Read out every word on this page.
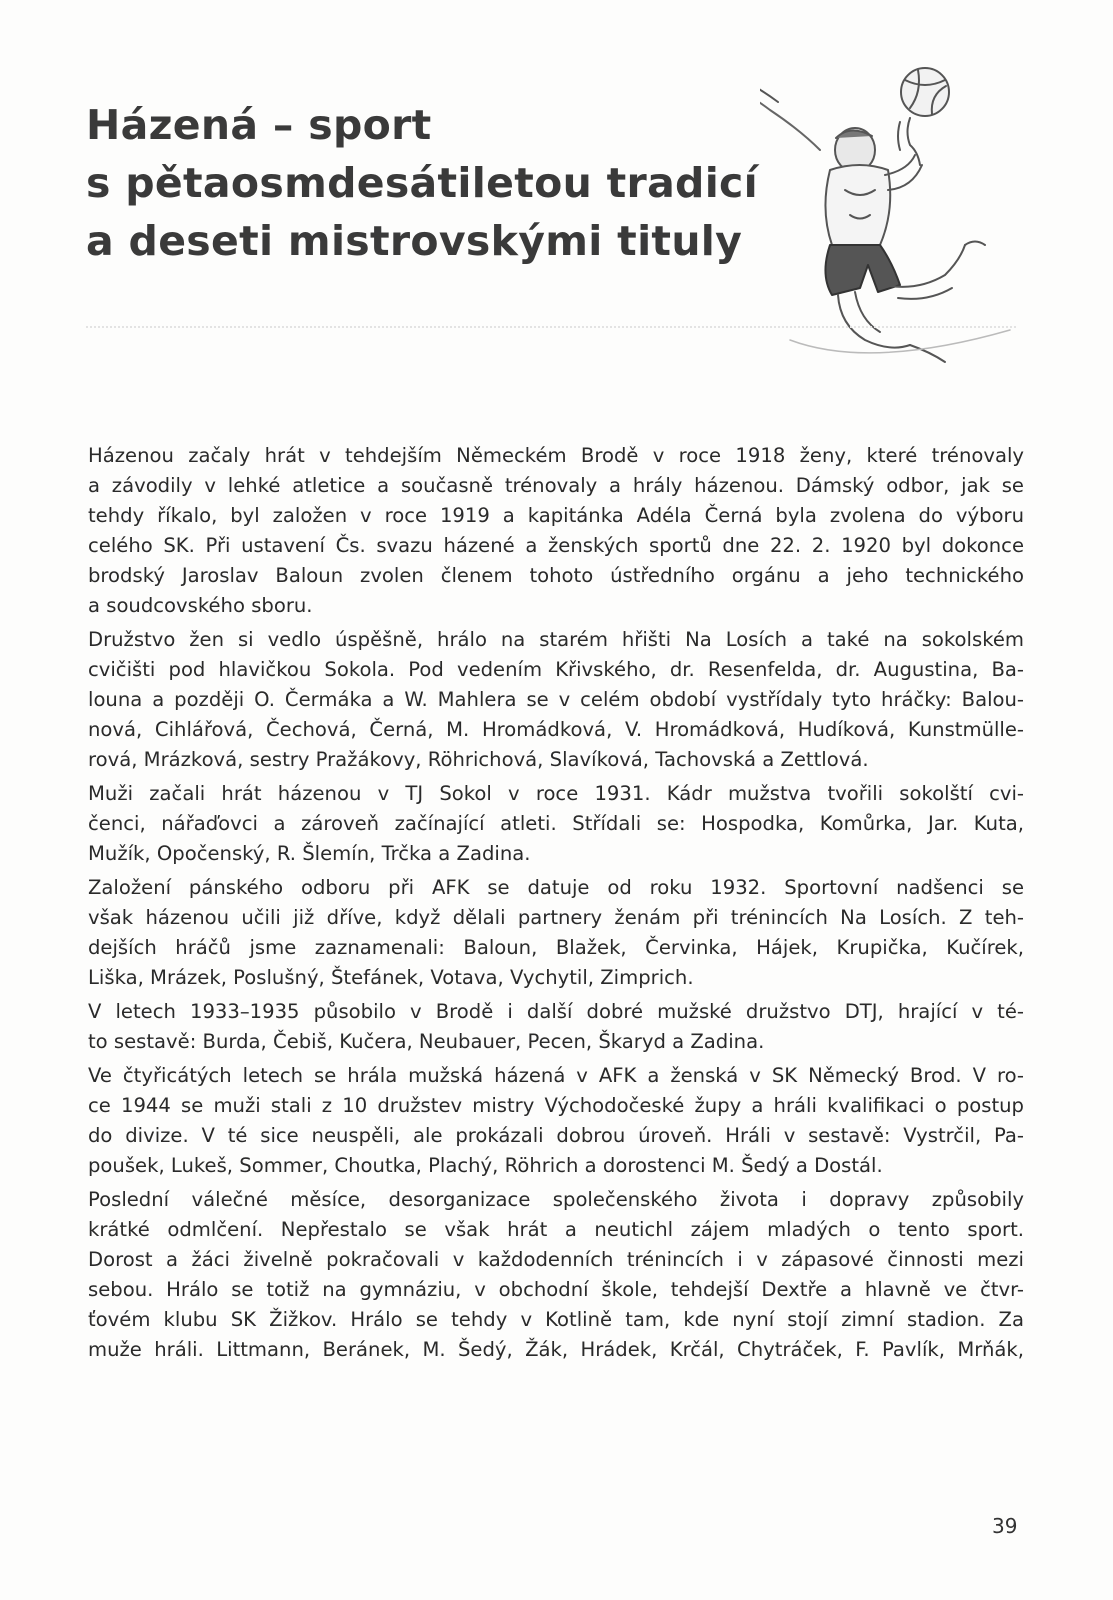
Házená – sport
s pětaosmdesátiletou tradicí
a deseti mistrovskými tituly

Házenou začaly hrát v tehdejším Německém Brodě v roce 1918 ženy, které trénovaly
a závodily v lehké atletice a současně trénovaly a hrály házenou. Dámský odbor, jak se
tehdy říkalo, byl založen v roce 1919 a kapitánka Adéla Černá byla zvolena do výboru
celého SK. Při ustavení Čs. svazu házené a ženských sportů dne 22. 2. 1920 byl dokonce
brodský Jaroslav Baloun zvolen členem tohoto ústředního orgánu a jeho technického
a soudcovského sboru.

Družstvo žen si vedlo úspěšně, hrálo na starém hřišti Na Losích a také na sokolském
cvičišti pod hlavičkou Sokola. Pod vedením Křivského, dr. Resenfelda, dr. Augustina, Ba-
louna a později O. Čermáka a W. Mahlera se v celém období vystřídaly tyto hráčky: Balou-
nová, Cihlářová, Čechová, Černá, M. Hromádková, V. Hromádková, Hudíková, Kunstmülle-
rová, Mrázková, sestry Pražákovy, Röhrichová, Slavíková, Tachovská a Zettlová.

Muži začali hrát házenou v TJ Sokol v roce 1931. Kádr mužstva tvořili sokolští cvi-
čenci, nářaďovci a zároveň začínající atleti. Střídali se: Hospodka, Komůrka, Jar. Kuta,
Mužík, Opočenský, R. Šlemín, Trčka a Zadina.

Založení pánského odboru při AFK se datuje od roku 1932. Sportovní nadšenci se
však házenou učili již dříve, když dělali partnery ženám při trénincích Na Losích. Z teh-
dejších hráčů jsme zaznamenali: Baloun, Blažek, Červinka, Hájek, Krupička, Kučírek,
Liška, Mrázek, Poslušný, Štefánek, Votava, Vychytil, Zimprich.

V letech 1933–1935 působilo v Brodě i další dobré mužské družstvo DTJ, hrající v té-
to sestavě: Burda, Čebiš, Kučera, Neubauer, Pecen, Škaryd a Zadina.

Ve čtyřicátých letech se hrála mužská házená v AFK a ženská v SK Německý Brod. V ro-
ce 1944 se muži stali z 10 družstev mistry Východočeské župy a hráli kvalifikaci o postup
do divize. V té sice neuspěli, ale prokázali dobrou úroveň. Hráli v sestavě: Vystrčil, Pa-
poušek, Lukeš, Sommer, Choutka, Plachý, Röhrich a dorostenci M. Šedý a Dostál.

Poslední válečné měsíce, desorganizace společenského života i dopravy způsobily
krátké odmlčení. Nepřestalo se však hrát a neutichl zájem mladých o tento sport.
Dorost a žáci živelně pokračovali v každodenních trénincích i v zápasové činnosti mezi
sebou. Hrálo se totiž na gymnáziu, v obchodní škole, tehdejší Dextře a hlavně ve čtvr-
ťovém klubu SK Žižkov. Hrálo se tehdy v Kotlině tam, kde nyní stojí zimní stadion. Za
muže hráli. Littmann, Beránek, M. Šedý, Žák, Hrádek, Krčál, Chytráček, F. Pavlík, Mrňák,

39
